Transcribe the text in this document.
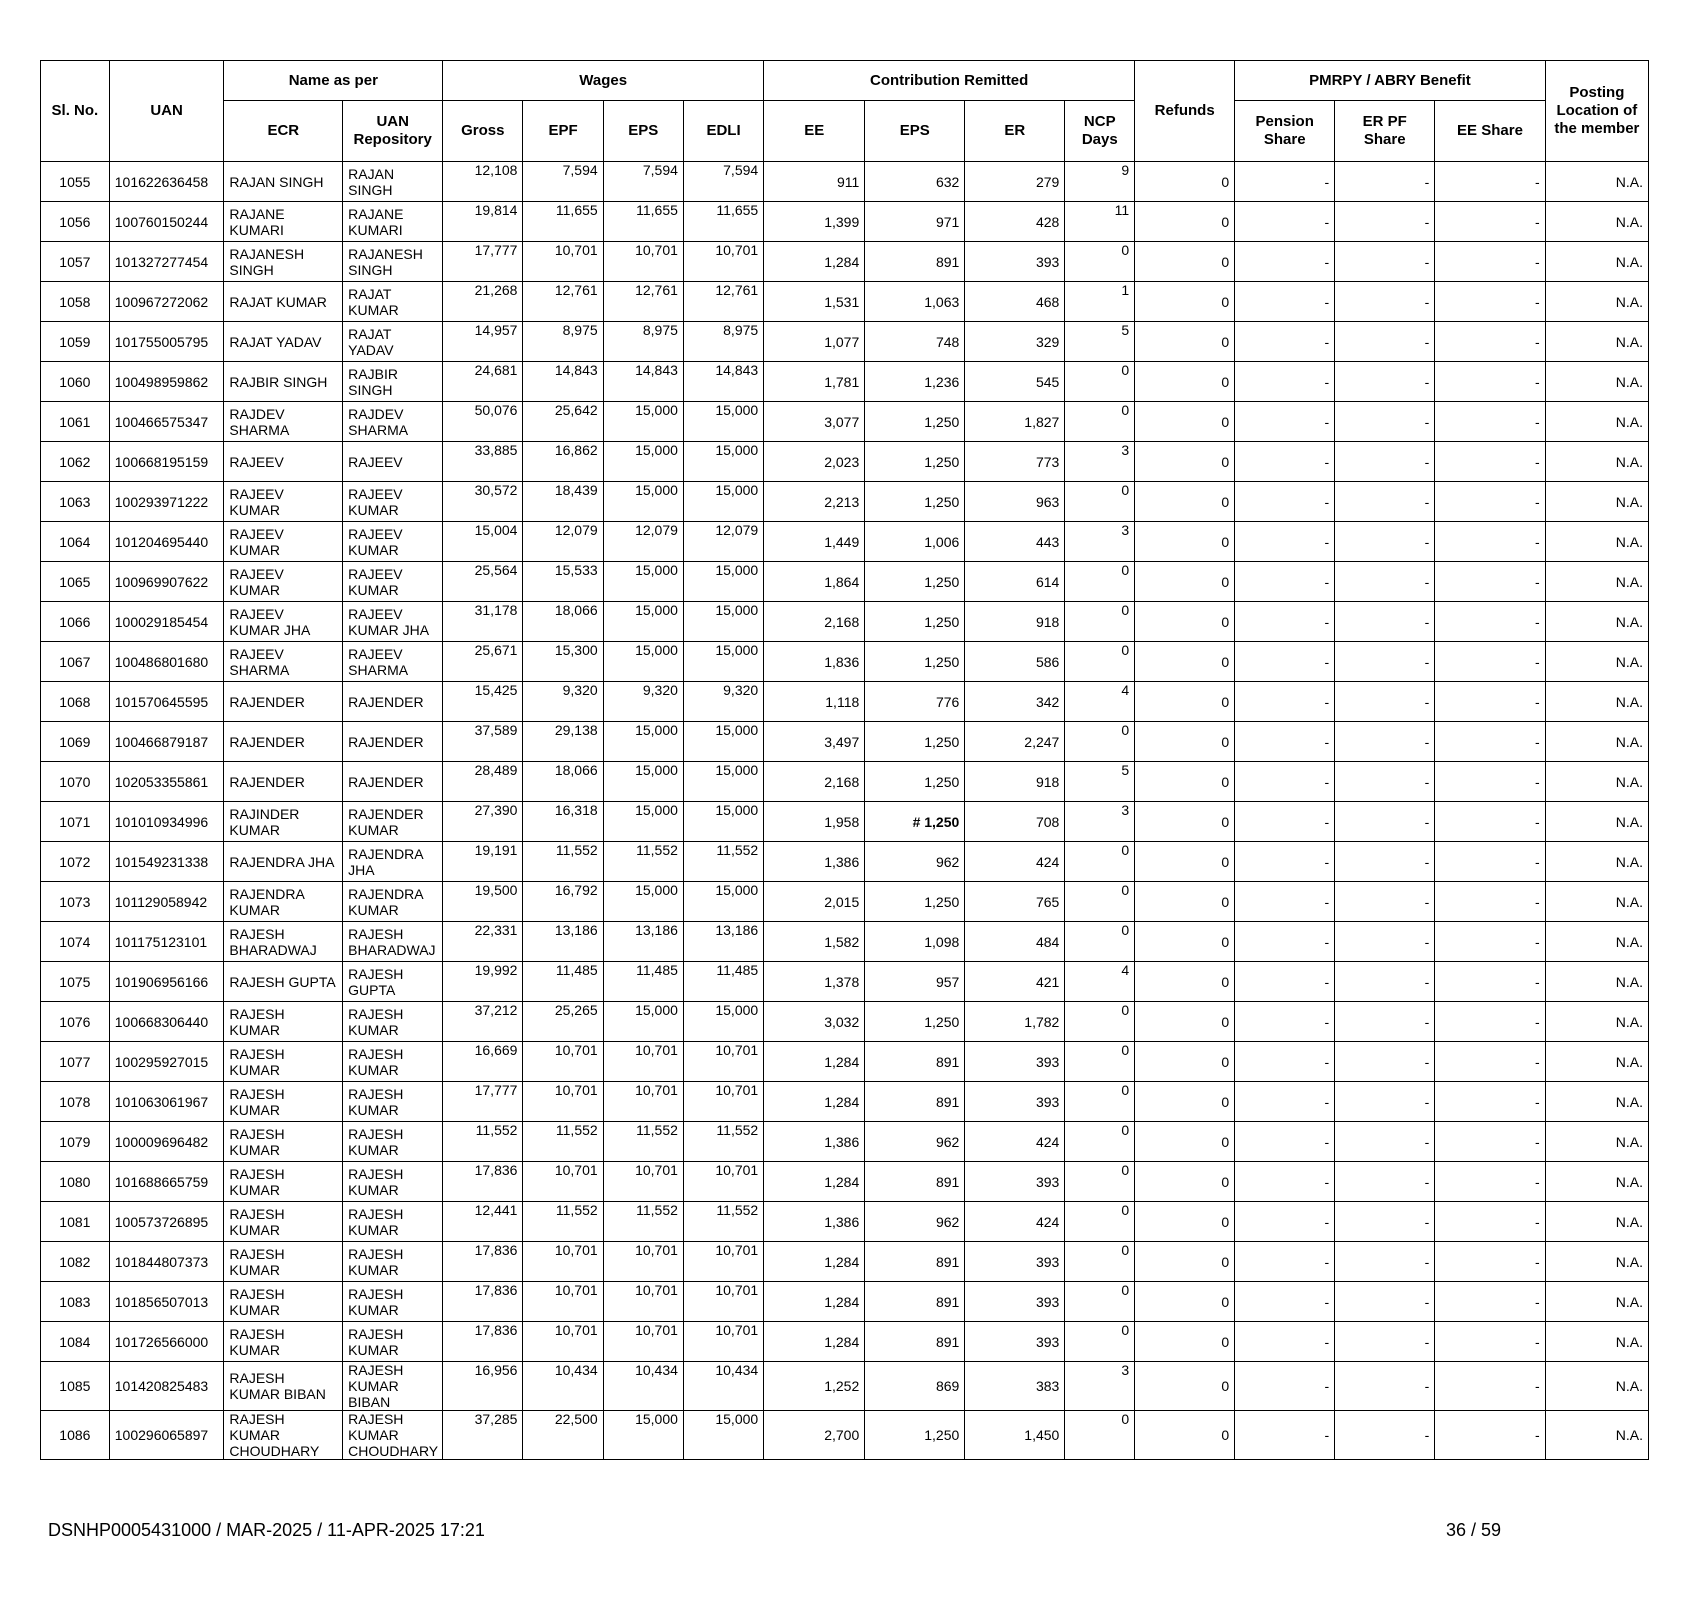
Sl. No.	UAN	Name as per		Wages				Contribution Remitted				Refunds	PMRPY / ABRY Benefit			Posting Location of the member
		ECR	UAN Repository	Gross	EPF	EPS	EDLI	EE	EPS	ER	NCP Days		Pension Share	ER PF Share	EE Share	
1055	101622636458	RAJAN SINGH	RAJAN SINGH	12,108	7,594	7,594	7,594	911	632	279	9	0	-	-	-	N.A.
1056	100760150244	RAJANE KUMARI	RAJANE KUMARI	19,814	11,655	11,655	11,655	1,399	971	428	11	0	-	-	-	N.A.
1057	101327277454	RAJANESH SINGH	RAJANESH SINGH	17,777	10,701	10,701	10,701	1,284	891	393	0	0	-	-	-	N.A.
1058	100967272062	RAJAT KUMAR	RAJAT KUMAR	21,268	12,761	12,761	12,761	1,531	1,063	468	1	0	-	-	-	N.A.
1059	101755005795	RAJAT YADAV	RAJAT YADAV	14,957	8,975	8,975	8,975	1,077	748	329	5	0	-	-	-	N.A.
1060	100498959862	RAJBIR SINGH	RAJBIR SINGH	24,681	14,843	14,843	14,843	1,781	1,236	545	0	0	-	-	-	N.A.
1061	100466575347	RAJDEV SHARMA	RAJDEV SHARMA	50,076	25,642	15,000	15,000	3,077	1,250	1,827	0	0	-	-	-	N.A.
1062	100668195159	RAJEEV	RAJEEV	33,885	16,862	15,000	15,000	2,023	1,250	773	3	0	-	-	-	N.A.
1063	100293971222	RAJEEV KUMAR	RAJEEV KUMAR	30,572	18,439	15,000	15,000	2,213	1,250	963	0	0	-	-	-	N.A.
1064	101204695440	RAJEEV KUMAR	RAJEEV KUMAR	15,004	12,079	12,079	12,079	1,449	1,006	443	3	0	-	-	-	N.A.
1065	100969907622	RAJEEV KUMAR	RAJEEV KUMAR	25,564	15,533	15,000	15,000	1,864	1,250	614	0	0	-	-	-	N.A.
1066	100029185454	RAJEEV KUMAR JHA	RAJEEV KUMAR JHA	31,178	18,066	15,000	15,000	2,168	1,250	918	0	0	-	-	-	N.A.
1067	100486801680	RAJEEV SHARMA	RAJEEV SHARMA	25,671	15,300	15,000	15,000	1,836	1,250	586	0	0	-	-	-	N.A.
1068	101570645595	RAJENDER	RAJENDER	15,425	9,320	9,320	9,320	1,118	776	342	4	0	-	-	-	N.A.
1069	100466879187	RAJENDER	RAJENDER	37,589	29,138	15,000	15,000	3,497	1,250	2,247	0	0	-	-	-	N.A.
1070	102053355861	RAJENDER	RAJENDER	28,489	18,066	15,000	15,000	2,168	1,250	918	5	0	-	-	-	N.A.
1071	101010934996	RAJINDER KUMAR	RAJENDER KUMAR	27,390	16,318	15,000	15,000	1,958	# 1,250	708	3	0	-	-	-	N.A.
1072	101549231338	RAJENDRA JHA	RAJENDRA JHA	19,191	11,552	11,552	11,552	1,386	962	424	0	0	-	-	-	N.A.
1073	101129058942	RAJENDRA KUMAR	RAJENDRA KUMAR	19,500	16,792	15,000	15,000	2,015	1,250	765	0	0	-	-	-	N.A.
1074	101175123101	RAJESH BHARADWAJ	RAJESH BHARADWAJ	22,331	13,186	13,186	13,186	1,582	1,098	484	0	0	-	-	-	N.A.
1075	101906956166	RAJESH GUPTA	RAJESH GUPTA	19,992	11,485	11,485	11,485	1,378	957	421	4	0	-	-	-	N.A.
1076	100668306440	RAJESH KUMAR	RAJESH KUMAR	37,212	25,265	15,000	15,000	3,032	1,250	1,782	0	0	-	-	-	N.A.
1077	100295927015	RAJESH KUMAR	RAJESH KUMAR	16,669	10,701	10,701	10,701	1,284	891	393	0	0	-	-	-	N.A.
1078	101063061967	RAJESH KUMAR	RAJESH KUMAR	17,777	10,701	10,701	10,701	1,284	891	393	0	0	-	-	-	N.A.
1079	100009696482	RAJESH KUMAR	RAJESH KUMAR	11,552	11,552	11,552	11,552	1,386	962	424	0	0	-	-	-	N.A.
1080	101688665759	RAJESH KUMAR	RAJESH KUMAR	17,836	10,701	10,701	10,701	1,284	891	393	0	0	-	-	-	N.A.
1081	100573726895	RAJESH KUMAR	RAJESH KUMAR	12,441	11,552	11,552	11,552	1,386	962	424	0	0	-	-	-	N.A.
1082	101844807373	RAJESH KUMAR	RAJESH KUMAR	17,836	10,701	10,701	10,701	1,284	891	393	0	0	-	-	-	N.A.
1083	101856507013	RAJESH KUMAR	RAJESH KUMAR	17,836	10,701	10,701	10,701	1,284	891	393	0	0	-	-	-	N.A.
1084	101726566000	RAJESH KUMAR	RAJESH KUMAR	17,836	10,701	10,701	10,701	1,284	891	393	0	0	-	-	-	N.A.
1085	101420825483	RAJESH KUMAR BIBAN	RAJESH KUMAR BIBAN	16,956	10,434	10,434	10,434	1,252	869	383	3	0	-	-	-	N.A.
1086	100296065897	RAJESH KUMAR CHOUDHARY	RAJESH KUMAR CHOUDHARY	37,285	22,500	15,000	15,000	2,700	1,250	1,450	0	0	-	-	-	N.A.
DSNHP0005431000 / MAR-2025 / 11-APR-2025 17:21	36 / 59
